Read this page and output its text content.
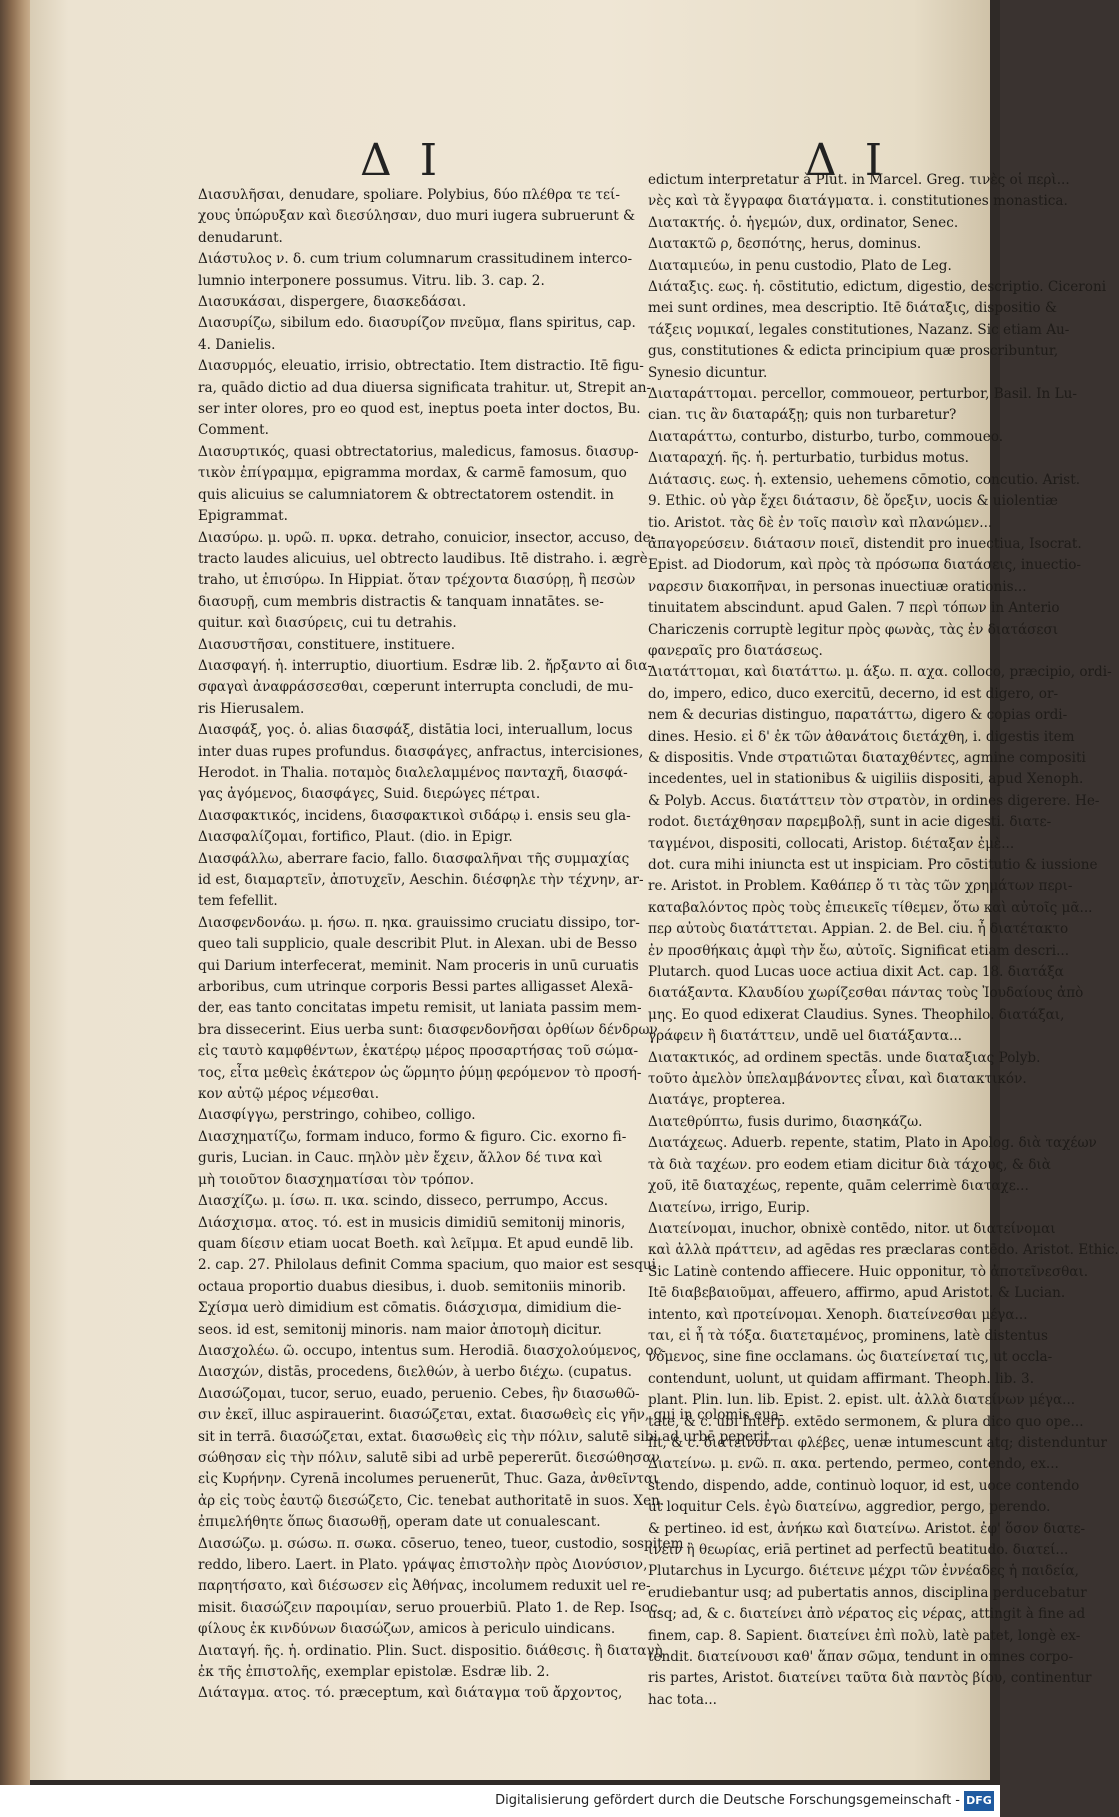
ΔΙ	ΔΙ
Διασυλῆσαι, denudare, spoliare. Polybius, δύο πλέθρα τε τεί-
χους ὑπώρυξαν καὶ διεσύλησαν, duo muri iugera subruerunt &
denudarunt.
Διάστυλος ν. δ. cum trium columnarum crassitudinem interco-
lumnio interponere possumus. Vitru. lib. 3. cap. 2.
Διασυκάσαι, dispergere, διασκεδάσαι.
Διασυρίζω, sibilum edo. διασυρίζον πνεῦμα, flans spiritus, cap.
4. Danielis.
Διασυρμός, eleuatio, irrisio, obtrectatio. Item distractio. Itē figu-
ra, quādo dictio ad dua diuersa significata trahitur. ut, Strepit an-
ser inter olores, pro eo quod est, ineptus poeta inter doctos, Bu.
Comment.
Διασυρτικός, quasi obtrectatorius, maledicus, famosus. διασυρ-
τικὸν ἐπίγραμμα, epigramma mordax, & carmē famosum, quo
quis alicuius se calumniatorem & obtrectatorem ostendit. in
Epigrammat.
Διασύρω. μ. υρῶ. π. υρκα. detraho, conuicior, insector, accuso, de-
tracto laudes alicuius, uel obtrecto laudibus. Itē distraho. i. ægrè
traho, ut ἐπισύρω. In Hippiat. ὅταν τρέχοντα διασύρῃ, ἢ πεσὼν
διασυρῇ, cum membris distractis & tanquam innatātes. se-
quitur. καὶ διασύρεις, cui tu detrahis.
Διασυστῆσαι, constituere, instituere.
Διασφαγή. ἡ. interruptio, diuortium. Esdræ lib. 2. ἤρξαντο αἱ δια-
σφαγαὶ ἀναφράσσεσθαι, cœperunt interrupta concludi, de mu-
ris Hierusalem.
Διασφάξ, γος. ὁ. alias διασφάξ, distātia loci, interuallum, locus
inter duas rupes profundus. διασφάγες, anfractus, intercisiones,
Herodot. in Thalia. ποταμὸς διαλελαμμένος πανταχῆ, διασφά-
γας ἀγόμενος, διασφάγες, Suid. διερώγες πέτραι.
Διασφακτικός, incidens, διασφακτικοὶ σιδάρῳ i. ensis seu gla-
Διασφαλίζομαι, fortifico, Plaut. (dio. in Epigr.
Διασφάλλω, aberrare facio, fallo. διασφαλῆναι τῆς συμμαχίας
id est, διαμαρτεῖν, ἀποτυχεῖν, Aeschin. διέσφηλε τὴν τέχνην, ar-
tem fefellit.
Διασφενδονάω. μ. ήσω. π. ηκα. grauissimo cruciatu dissipo, tor-
queo tali supplicio, quale describit Plut. in Alexan. ubi de Besso
qui Darium interfecerat, meminit. Nam proceris in unū curuatis
arboribus, cum utrinque corporis Bessi partes alligasset Alexā-
der, eas tanto concitatas impetu remisit, ut laniata passim mem-
bra dissecerint. Eius uerba sunt: διασφενδονῆσαι ὀρθίων δένδρων
εἰς ταυτὸ καμφθέντων, ἑκατέρῳ μέρος προσαρτήσας τοῦ σώμα-
τος, εἶτα μεθεὶς ἑκάτερον ὡς ὥρμητο ῥύμῃ φερόμενον τὸ προσή-
κον αὐτῷ μέρος νέμεσθαι.
Διασφίγγω, perstringo, cohibeo, colligo.
Διασχηματίζω, formam induco, formo & figuro. Cic. exorno fi-
guris, Lucian. in Cauc. πηλὸν μὲν ἔχειν, ἄλλον δέ τινα καὶ
μὴ τοιοῦτον διασχηματίσαι τὸν τρόπον.
Διασχίζω. μ. ίσω. π. ικα. scindo, disseco, perrumpo, Accus.
Διάσχισμα. ατος. τό. est in musicis dimidiū semitonij minoris,
quam δίεσιν etiam uocat Boeth. καὶ λεῖμμα. Et apud eundē lib.
2. cap. 27. Philolaus definit Comma spacium, quo maior est sesqui
octaua proportio duabus diesibus, i. duob. semitoniis minorib.
Σχίσμα uerò dimidium est cōmatis. διάσχισμα, dimidium die-
seos. id est, semitonij minoris. nam maior ἀποτομὴ dicitur.
Διασχολέω. ῶ. occupo, intentus sum. Herodiā. διασχολούμενος, oc-
Διασχών, distās, procedens, διελθών, à uerbo διέχω. (cupatus.
Διασώζομαι, tucor, seruo, euado, peruenio. Cebes, ἣν διασωθῶ-
σιν ἐκεῖ, illuc aspirauerint. διασώζεται, extat. διασωθεὶς εἰς γῆν, qui in colomis eua-
sit in terrā. διασώζεται, extat. διασωθεὶς εἰς τὴν πόλιν, salutē sibi ad urbē peperit.
σώθησαν εἰς τὴν πόλιν, salutē sibi ad urbē pepererūt. διεσώθησαν
εἰς Κυρήνην. Cyrenā incolumes peruenerūt, Thuc. Gaza, ἀνθεῖνται
ἀρ εἰς τοὺς ἑαυτῷ διεσώζετο, Cic. tenebat authoritatē in suos. Xen.
ἐπιμελήθητε ὅπως διασωθῇ, operam date ut conualescant.
Διασώζω. μ. σώσω. π. σωκα. cōseruo, teneo, tueor, custodio, sospitem
reddo, libero. Laert. in Plato. γράψας ἐπιστολὴν πρὸς Διονύσιον,
παρητήσατο, καὶ διέσωσεν εἰς Ἀθήνας, incolumem reduxit uel re-
misit. διασώζειν παροιμίαν, seruo prouerbiū. Plato 1. de Rep. Isoc.
φίλους ἐκ κινδύνων διασώζων, amicos à periculo uindicans.
Διαταγή. ῆς. ἡ. ordinatio. Plin. Suct. dispositio. διάθεσις. ἢ διαταγὴ
ἐκ τῆς ἐπιστολῆς, exemplar epistolæ. Esdræ lib. 2.
Διάταγμα. ατος. τό. præceptum, καὶ διάταγμα τοῦ ἄρχοντος,
edictum interpretatur à Plut. in Marcel. Greg. τινὲς οἱ περὶ...
νὲς καὶ τὰ ἔγγραφα διατάγματα. i. constitutiones monastica.
Διατακτής. ὁ. ἡγεμών, dux, ordinator, Senec.
Διατακτῶ ρ, δεσπότης, herus, dominus.
Διαταμιεύω, in penu custodio, Plato de Leg.
Διάταξις. εως. ἡ. cōstitutio, edictum, digestio, descriptio. Ciceroni
mei sunt ordines, mea descriptio. Itē διάταξις, dispositio &
τάξεις νομικαί, legales constitutiones, Nazanz. Sic etiam Au-
gus, constitutiones & edicta principium quæ proscribuntur,
Synesio dicuntur.
Διαταράττομαι. percellor, commoueor, perturbor, Basil. In Lu-
cian. τις ἂν διαταράξῃ; quis non turbaretur?
Διαταράττω, conturbo, disturbo, turbo, commoueo.
Διαταραχή. ῆς. ἡ. perturbatio, turbidus motus.
Διάτασις. εως. ἡ. extensio, uehemens cōmotio, concutio. Arist.
9. Ethic. οὐ γὰρ ἔχει διάτασιν, δὲ ὄρεξιν, uocis & uiolentiæ
tio. Aristot. τὰς δὲ ἐν τοῖς παισὶν καὶ πλανώμεν...
ἀπαγορεύσειν. διάτασιν ποιεῖ, distendit pro inuectiua, Isocrat.
Epist. ad Diodorum, καὶ πρὸς τὰ πρόσωπα διατάσεις, inuectio-
ναρεσιν διακοπῆναι, in personas inuectiuæ orationis...
tinuitatem abscindunt. apud Galen. 7 περὶ τόπων in Anterio
Chariczenis corruptè legitur πρὸς φωνὰς, τὰς ἐν διατάσεσι
φανεραῖς pro διατάσεως.
Διατάττομαι, καὶ διατάττω. μ. άξω. π. αχα. colloco, præcipio, ordi-
do, impero, edico, duco exercitū, decerno, id est digero, or-
nem & decurias distinguo, παρατάττω, digero & copias ordi-
dines. Hesio. εἰ δ' ἐκ τῶν ἀθανάτοις διετάχθη, i. digestis item
& dispositis. Vnde στρατιῶται διαταχθέντες, agmine compositi
incedentes, uel in stationibus & uigiliis dispositi, apud Xenoph.
& Polyb. Accus. διατάττειν τὸν στρατὸν, in ordines digerere. He-
rodot. διετάχθησαν παρεμβολῇ, sunt in acie digesti. διατε-
ταγμένοι, dispositi, collocati, Aristop. διέταξαν ἐμὲ...
dot. cura mihi iniuncta est ut inspiciam. Pro cōstitutio & iussione
re. Aristot. in Problem. Καθάπερ ὅ τι τὰς τῶν χρημάτων περι-
καταβαλόντος πρὸς τοὺς ἐπιεικεῖς τίθεμεν, ὅτω καὶ αὐτοῖς μᾶ...
περ αὐτοὺς διατάττεται. Appian. 2. de Bel. ciu. ἦ διατέτακτο
ἐν προσθήκαις ἀμφὶ τὴν ἔω, αὐτοῖς. Significat etiam descri...
Plutarch. quod Lucas uoce actiua dixit Act. cap. 18. διατάξα
διατάξαντα. Κλαυδίου χωρίζεσθαι πάντας τοὺς Ἰουδαίους ἀπὸ
μης. Eo quod edixerat Claudius. Synes. Theophilo. διατάξαι,
γράφειν ἢ διατάττειν, undē uel διατάξαντα...
Διατακτικός, ad ordinem spectās. unde διαταξιας Polyb.
τοῦτο ἀμελὸν ὑπελαμβάνοντες εἶναι, καὶ διατακτικόν.
Διατάγε, propterea.
Διατεθρύπτω, fusis durimo, διασηκάζω.
Διατάχεως. Aduerb. repente, statim, Plato in Apolog. διὰ ταχέων
τὰ διὰ ταχέων. pro eodem etiam dicitur διὰ τάχους, & διὰ
χοῦ, itē διαταχέως, repente, quām celerrimè διαταχε...
Διατείνω, irrigo, Eurip.
Διατείνομαι, inuchor, obnixè contēdo, nitor. ut διατείνομαι
καὶ ἀλλὰ πράττειν, ad agēdas res præclaras contēdo. Aristot. Ethic.
Sic Latinè contendo affiecere. Huic opponitur, τὸ ἀποτεῖνεσθαι.
Itē διαβεβαιοῦμαι, affeuero, affirmo, apud Aristot. & Lucian.
intento, καὶ προτείνομαι. Xenoph. διατείνεσθαι μέγα...
ται, εἰ ἦ τὰ τόξα. διατεταμένος, prominens, latè distentus
νόμενος, sine fine occlamans. ὡς διατείνεταί τις, ut occla-
contendunt, uolunt, ut quidam affirmant. Theoph. lib. 3.
plant. Plin. lun. lib. Epist. 2. epist. ult. ἀλλὰ διατείνων μέγα...
tate, & c. ubi Interp. extēdo sermonem, & plura dico quo ope...
fit, & c. διατείνονται φλέβες, uenæ intumescunt atq; distenduntur
Διατείνω. μ. ενῶ. π. ακα. pertendo, permeo, contendo, ex...
stendo, dispendo, adde, continuò loquor, id est, uoce contendo
ut loquitur Cels. ἐγὼ διατείνω, aggredior, pergo, perendo.
& pertineo. id est, ἀνήκω καὶ διατείνω. Aristot. ἐφ' ὅσον διατε-
ίνειν ἢ θεωρίας, eriā pertinet ad perfectū beatitudo. διατεί...
Plutarchus in Lycurgo. διέτεινε μέχρι τῶν ἐννέαδες ἡ παιδεία,
erudiebantur usq; ad pubertatis annos, disciplina perducebatur
usq; ad, & c. διατείνει ἀπὸ νέρατος εἰς νέρας, attingit à fine ad
finem, cap. 8. Sapient. διατείνει ἐπὶ πολὺ, latè patet, longè ex-
tendit. διατείνουσι καθ' ἅπαν σῶμα, tendunt in omnes corpo-
ris partes, Aristot. διατείνει ταῦτα διὰ παντὸς βίου, continentur
hac tota...
Digitalisierung gefördert durch die Deutsche Forschungsgemeinschaft - DFG
